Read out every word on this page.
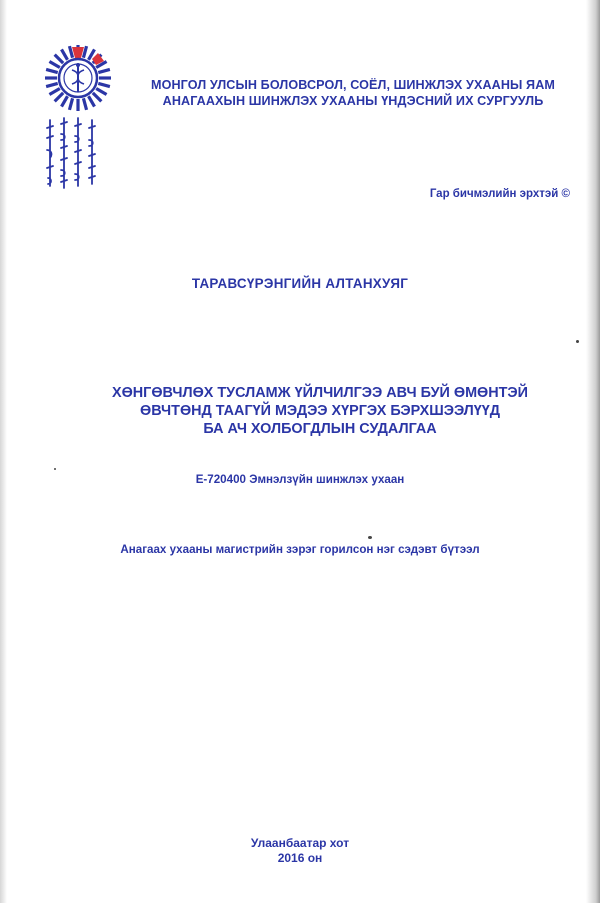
МОНГОЛ УЛСЫН БОЛОВСРОЛ, СОЁЛ, ШИНЖЛЭХ УХААНЫ ЯАМ
АНАГААХЫН ШИНЖЛЭХ УХААНЫ ҮНДЭСНИЙ ИХ СУРГУУЛЬ
Гар бичмэлийн эрхтэй ©
ТАРАВСҮРЭНГИЙН АЛТАНХУЯГ
ХӨНГӨВЧЛӨХ ТУСЛАМЖ ҮЙЛЧИЛГЭЭ АВЧ БУЙ ӨМӨНТЭЙ
ӨВЧТӨНД ТААГҮЙ МЭДЭЭ ХҮРГЭХ БЭРХШЭЭЛҮҮД
БА АЧ ХОЛБОГДЛЫН СУДАЛГАА
Е-720400 Эмнэлзүйн шинжлэх ухаан
Анагаах ухааны магистрийн зэрэг горилсон нэг сэдэвт бүтээл
Улаанбаатар хот
2016 он
